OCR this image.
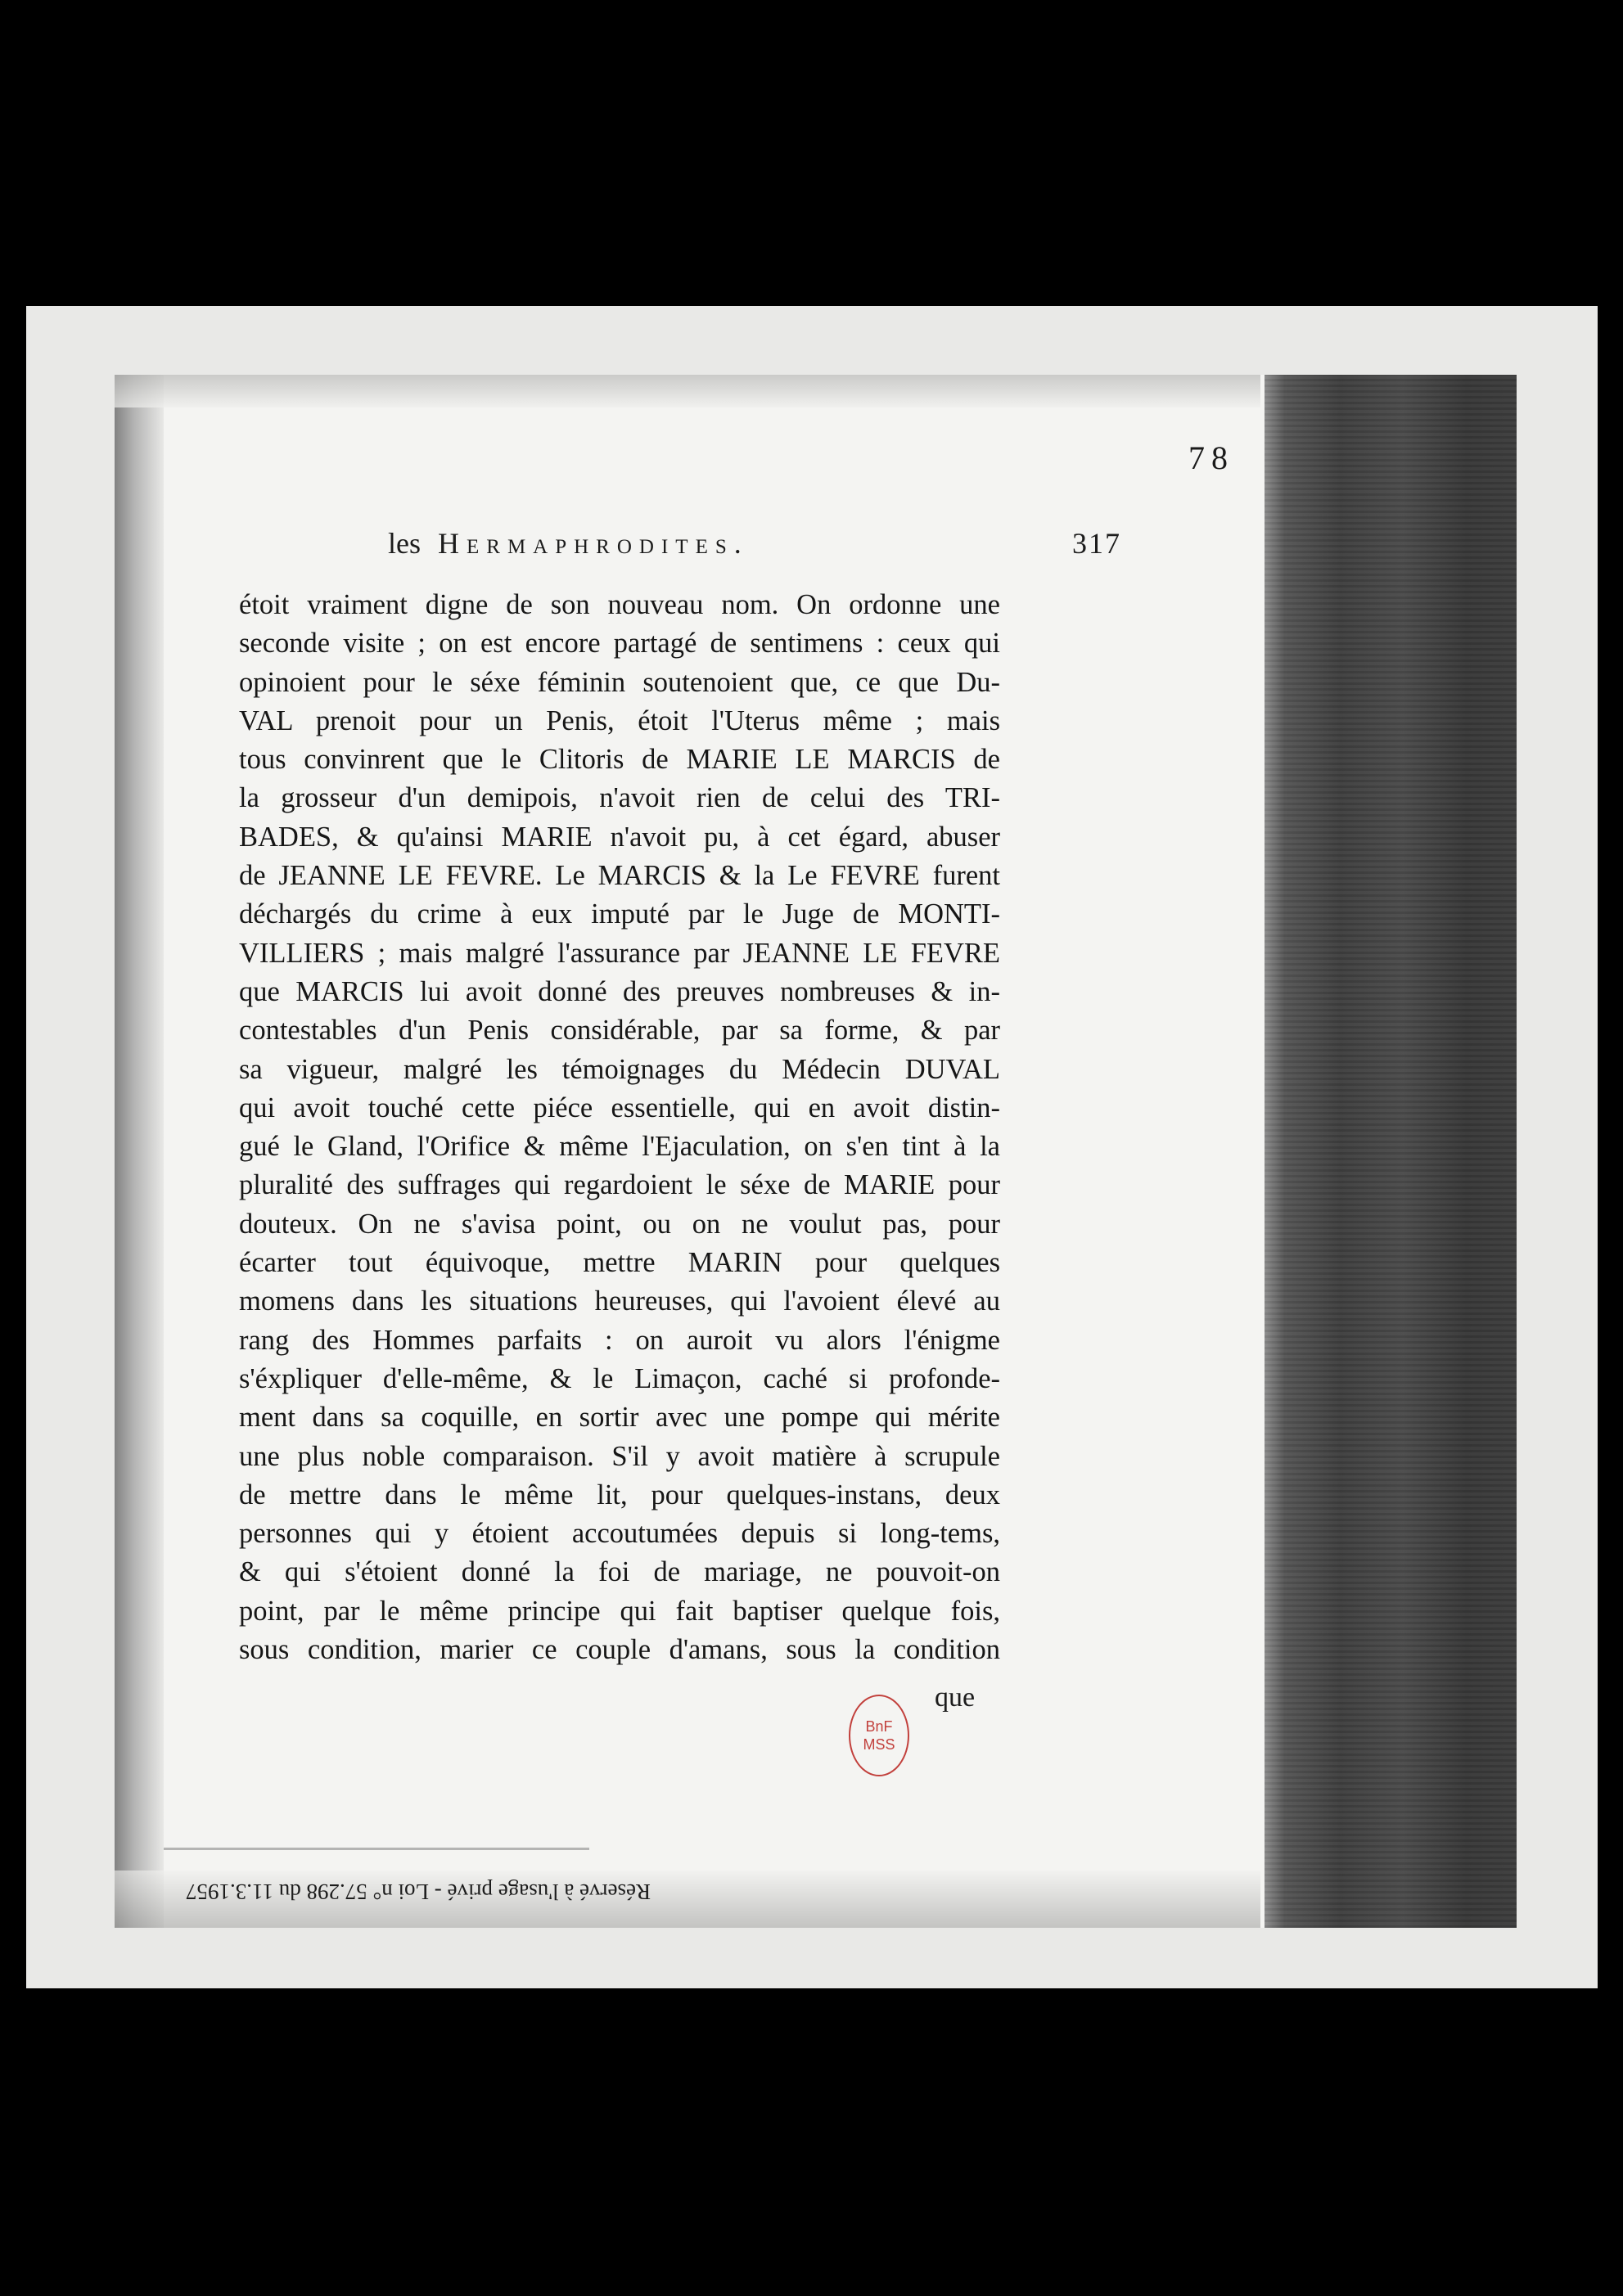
78
les Hermaphrodites.	317
étoit vraiment digne de son nouveau nom. On ordonne une
seconde visite ; on est encore partagé de sentimens : ceux qui
opinoient pour le séxe féminin soutenoient que, ce que Du-
VAL prenoit pour un Penis, étoit l'Uterus même ; mais
tous convinrent que le Clitoris de MARIE LE MARCIS de
la grosseur d'un demipois, n'avoit rien de celui des TRI-
BADES, & qu'ainsi MARIE n'avoit pu, à cet égard, abuser
de JEANNE LE FEVRE. Le MARCIS & la Le FEVRE furent
déchargés du crime à eux imputé par le Juge de MONTI-
VILLIERS ; mais malgré l'assurance par JEANNE LE FEVRE
que MARCIS lui avoit donné des preuves nombreuses & in-
contestables d'un Penis considérable, par sa forme, & par
sa vigueur, malgré les témoignages du Médecin DUVAL
qui avoit touché cette piéce essentielle, qui en avoit distin-
gué le Gland, l'Orifice & même l'Ejaculation, on s'en tint à la
pluralité des suffrages qui regardoient le séxe de MARIE pour
douteux. On ne s'avisa point, ou on ne voulut pas, pour
écarter tout équivoque, mettre MARIN pour quelques
momens dans les situations heureuses, qui l'avoient élevé au
rang des Hommes parfaits : on auroit vu alors l'énigme
s'éxpliquer d'elle-même, & le Limaçon, caché si profonde-
ment dans sa coquille, en sortir avec une pompe qui mérite
une plus noble comparaison. S'il y avoit matière à scrupule
de mettre dans le même lit, pour quelques-instans, deux
personnes qui y étoient accoutumées depuis si long-tems,
& qui s'étoient donné la foi de mariage, ne pouvoit-on
point, par le même principe qui fait baptiser quelque fois,
sous condition, marier ce couple d'amans, sous la condition
que
BnF
MSS
Réservé à l'usage privé - Loi n° 57.298 du 11.3.1957
